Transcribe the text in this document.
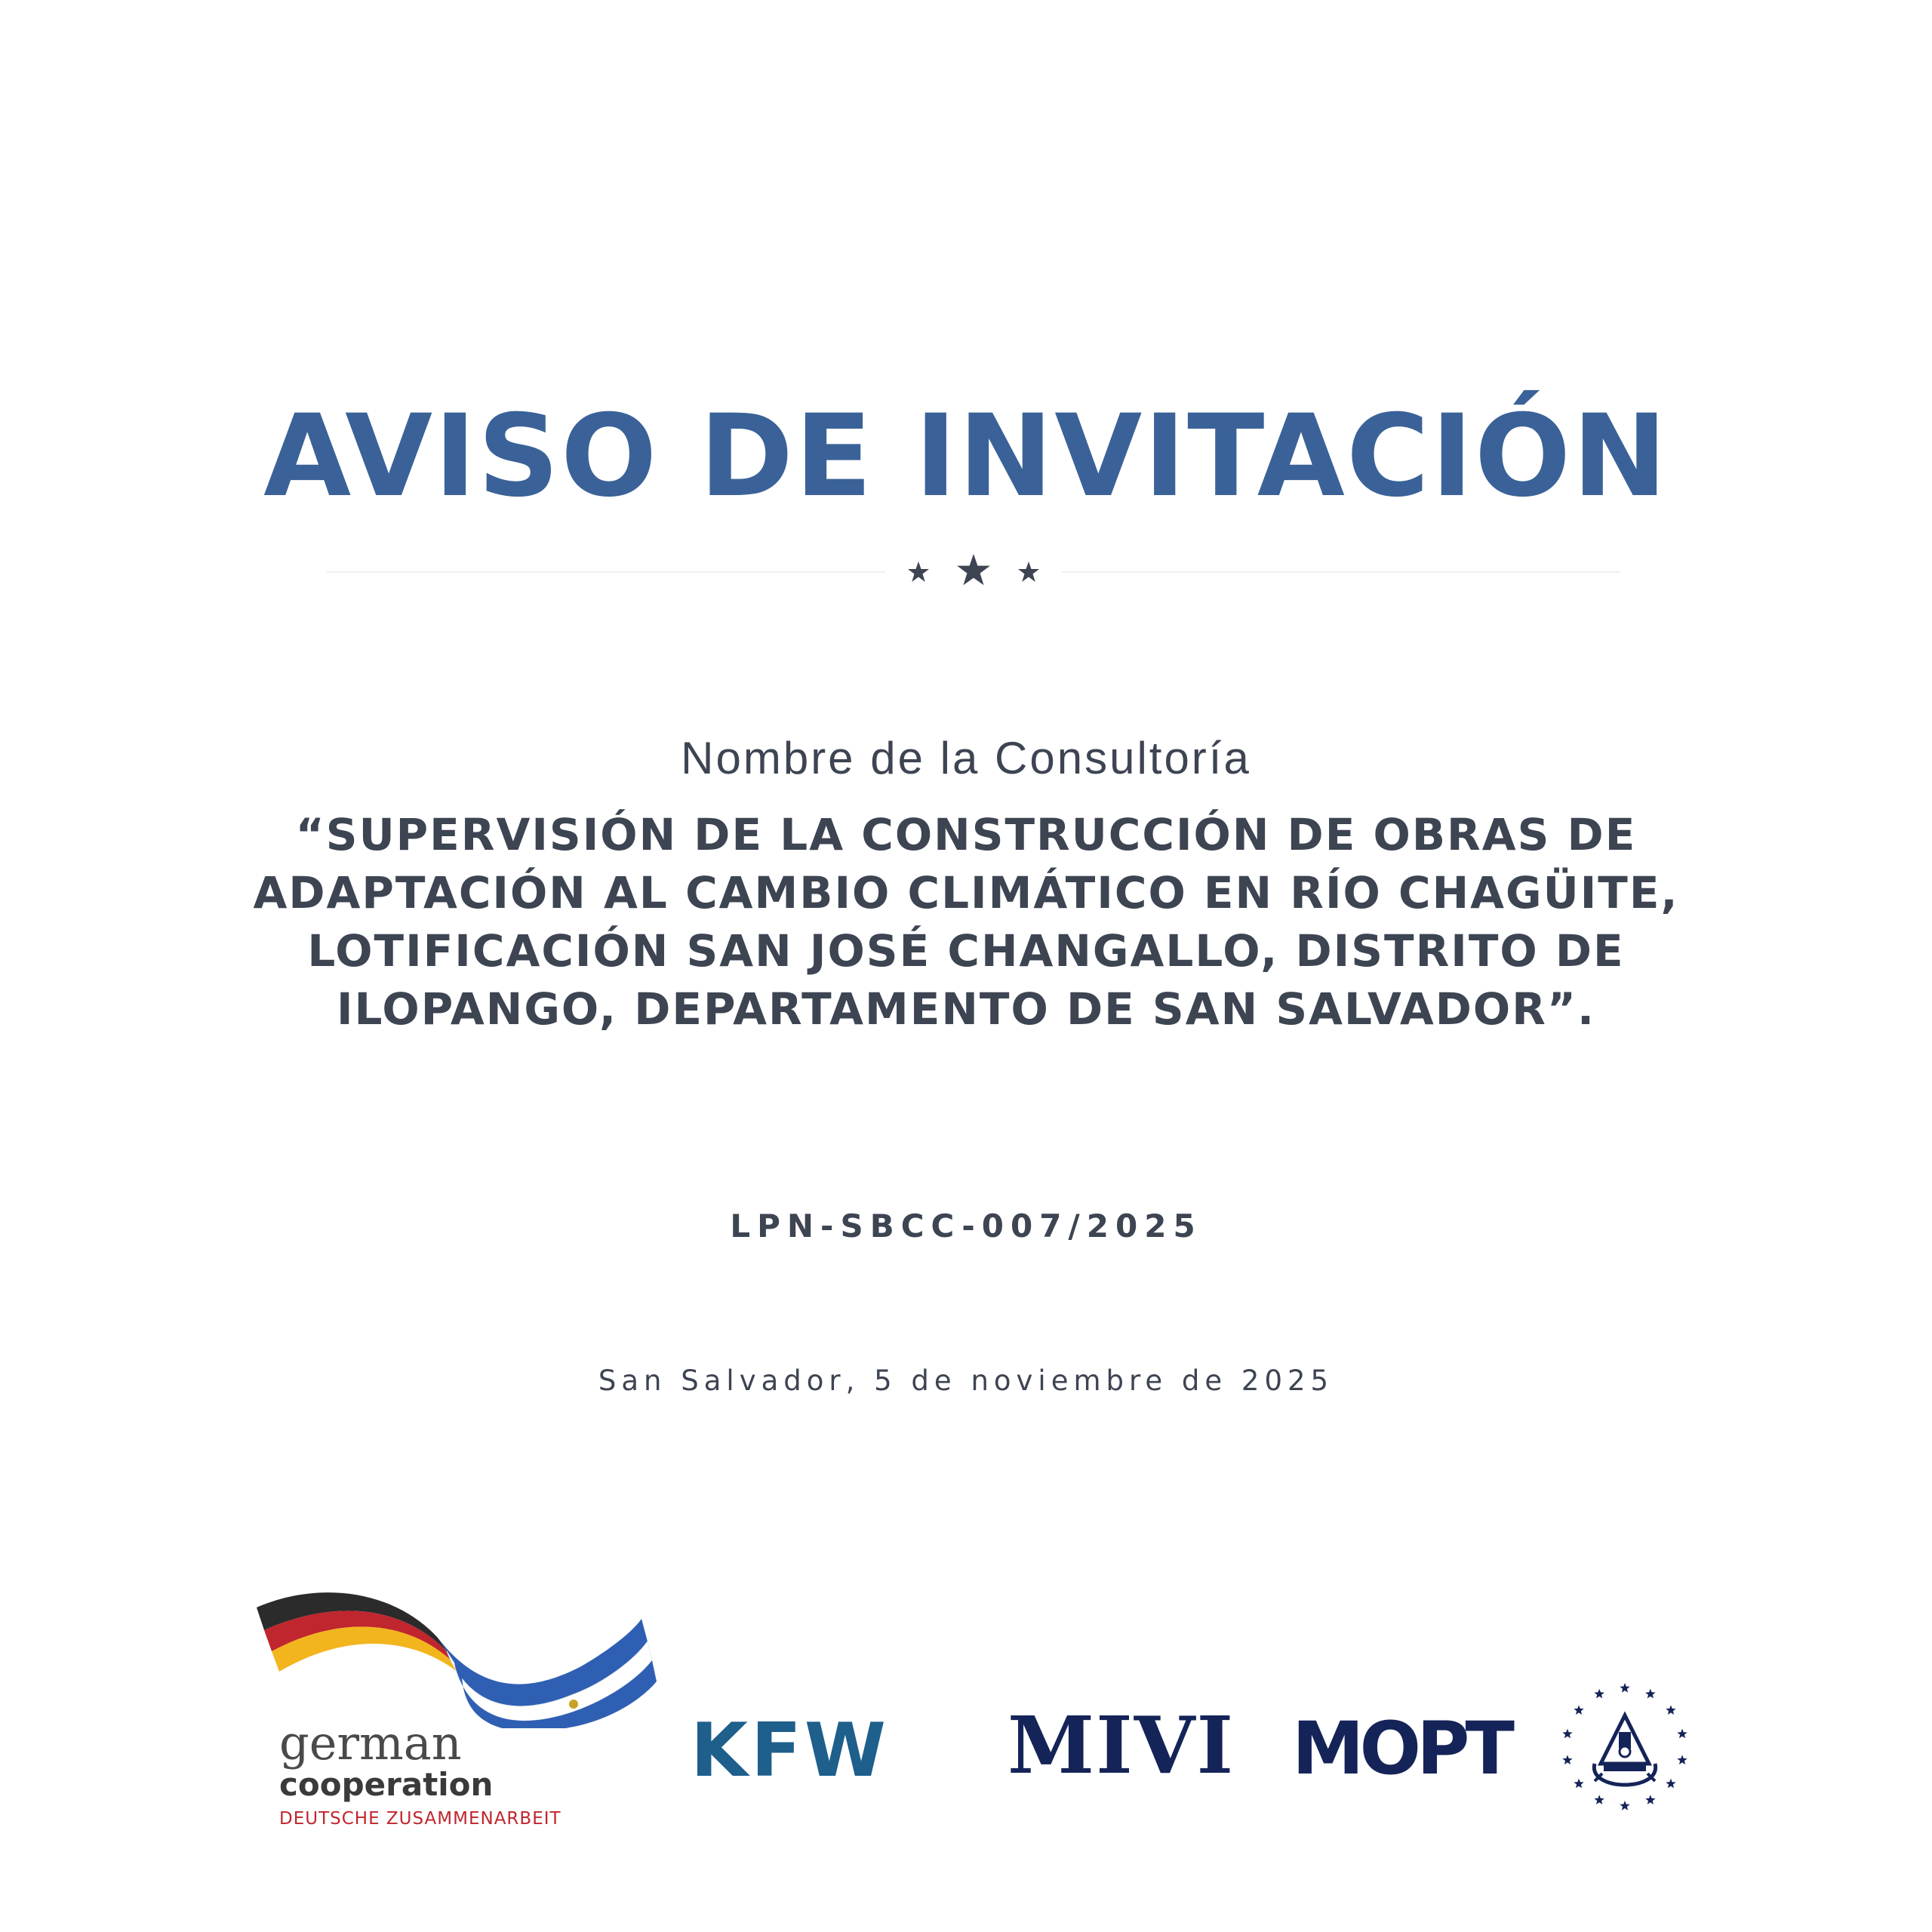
AVISO DE INVITACIÓN
Nombre de la Consultoría
“SUPERVISIÓN DE LA CONSTRUCCIÓN DE OBRAS DE
ADAPTACIÓN AL CAMBIO CLIMÁTICO EN RÍO CHAGÜITE,
LOTIFICACIÓN SAN JOSÉ CHANGALLO, DISTRITO DE
ILOPANGO, DEPARTAMENTO DE SAN SALVADOR”.
LPN-SBCC-007/2025
San Salvador, 5 de noviembre de 2025
german
cooperation
DEUTSCHE ZUSAMMENARBEIT
KFW MIVI MOPT
